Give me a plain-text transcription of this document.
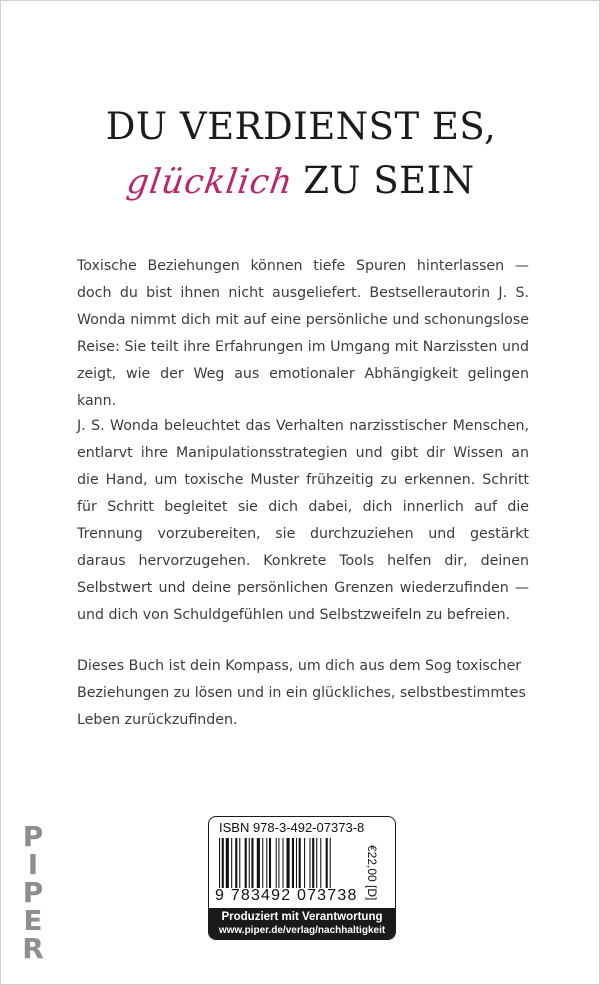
DU VERDIENST ES,
glücklich ZU SEIN

Toxische Beziehungen können tiefe Spuren hinterlassen — doch du bist ihnen nicht ausgeliefert. Bestsellerautorin J. S. Wonda nimmt dich mit auf eine persönliche und schonungslose Reise: Sie teilt ihre Erfahrungen im Umgang mit Narzissten und zeigt, wie der Weg aus emotionaler Abhängigkeit gelingen kann.

J. S. Wonda beleuchtet das Verhalten narzisstischer Menschen, entlarvt ihre Manipulationsstrategien und gibt dir Wissen an die Hand, um toxische Muster frühzeitig zu erkennen. Schritt für Schritt begleitet sie dich dabei, dich innerlich auf die Trennung vorzubereiten, sie durchzuziehen und gestärkt daraus hervorzugehen. Konkrete Tools helfen dir, deinen Selbstwert und deine persönlichen Grenzen wiederzufinden — und dich von Schuldgefühlen und Selbstzweifeln zu befreien.

Dieses Buch ist dein Kompass, um dich aus dem Sog toxischer Beziehungen zu lösen und in ein glückliches, selbstbestimmtes Leben zurückzufinden.

P
I
P
E
R
ISBN 978-3-492-07373-8
9 783492 073738 €22,00 [D]
Produziert mit Verantwortung
www.piper.de/verlag/nachhaltigkeit
